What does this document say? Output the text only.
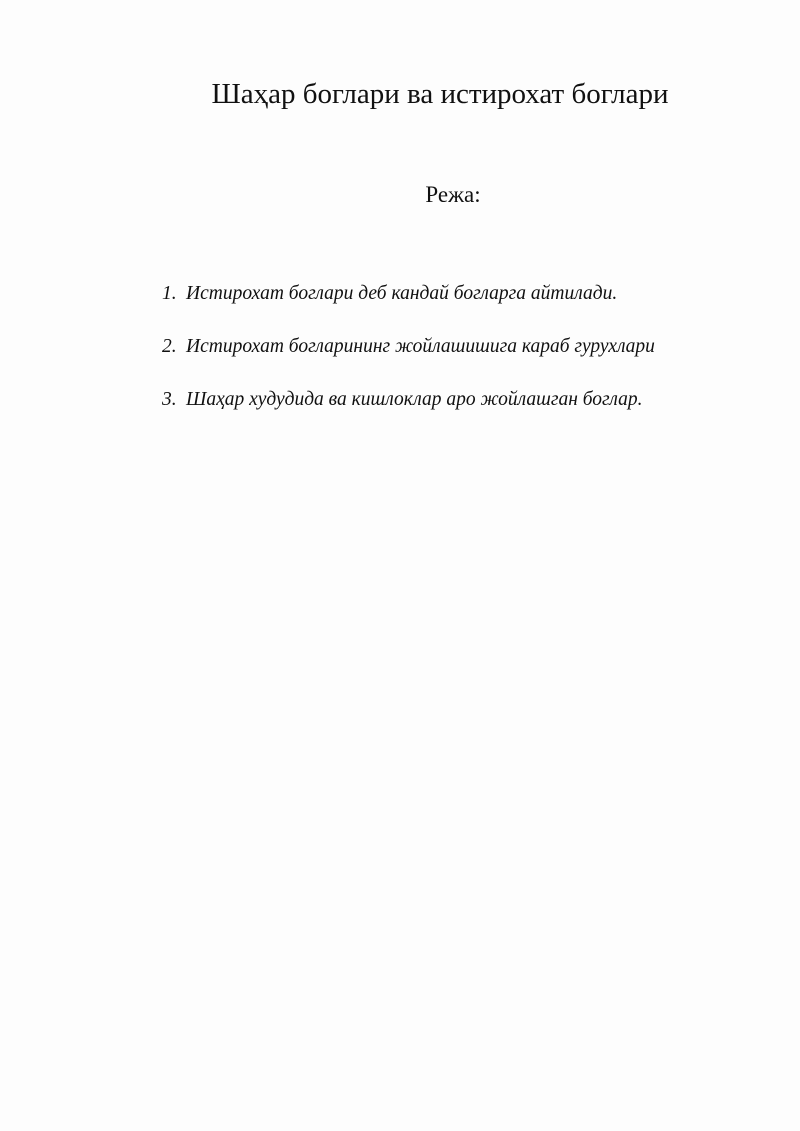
Шаҳар боглари ва истирохат боглари
Режа:
1. Истирохат боглари деб кандай богларга айтилади.
2. Истирохат богларининг жойлашишига караб гурухлари
3. Шаҳар худудида ва кишлоклар аро жойлашган боглар.
